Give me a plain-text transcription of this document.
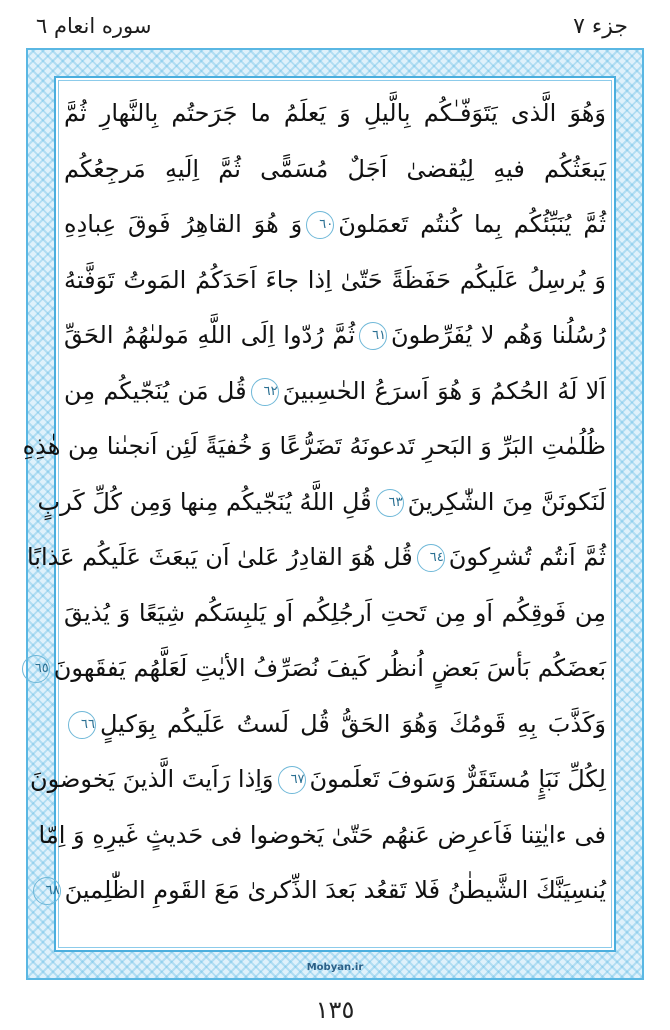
جزء ٧
سوره انعام ٦
وَهُوَ الَّذى يَتَوَفّـٰكُم بِالَّيلِ وَ يَعلَمُ ما جَرَحتُم بِالنَّهارِ ثُمَّ
يَبعَثُكُم فيهِ لِيُقضىٰ اَجَلٌ مُسَمًّى ثُمَّ اِلَيهِ مَرجِعُكُم
ثُمَّ يُنَبِّئُكُم بِما كُنتُم تَعمَلونَ٦٠وَ هُوَ القاهِرُ فَوقَ عِبادِهِ
وَ يُرسِلُ عَلَيكُم حَفَظَةً حَتّىٰ اِذا جاءَ اَحَدَكُمُ المَوتُ تَوَفَّتهُ
رُسُلُنا وَهُم لا يُفَرِّطونَ٦١ثُمَّ رُدّوا اِلَى اللَّهِ مَولىٰهُمُ الحَقِّ
اَلا لَهُ الحُكمُ وَ هُوَ اَسرَعُ الحٰسِبينَ٦٢قُل مَن يُنَجّيكُم مِن
ظُلُمٰتِ البَرِّ وَ البَحرِ تَدعونَهُ تَضَرُّعًا وَ خُفيَةً لَئِن اَنجىٰنا مِن هٰذِهِ
لَنَكونَنَّ مِنَ الشّٰكِرينَ٦٣قُلِ اللَّهُ يُنَجّيكُم مِنها وَمِن كُلِّ كَربٍ
ثُمَّ اَنتُم تُشرِكونَ٦٤قُل هُوَ القادِرُ عَلىٰ اَن يَبعَثَ عَلَيكُم عَذابًا
مِن فَوقِكُم اَو مِن تَحتِ اَرجُلِكُم اَو يَلبِسَكُم شِيَعًا وَ يُذيقَ
بَعضَكُم بَأسَ بَعضٍ اُنظُر كَيفَ نُصَرِّفُ الأيٰتِ لَعَلَّهُم يَفقَهونَ٦٥
وَكَذَّبَ بِهِ قَومُكَ وَهُوَ الحَقُّ قُل لَستُ عَلَيكُم بِوَكيلٍ٦٦
لِكُلِّ نَبَإٍ مُستَقَرٌّ وَسَوفَ تَعلَمونَ٦٧وَاِذا رَاَيتَ الَّذينَ يَخوضونَ
فى ءايٰتِنا فَاَعرِض عَنهُم حَتّىٰ يَخوضوا فى حَديثٍ غَيرِهِ وَ اِمّا
يُنسِيَنَّكَ الشَّيطٰنُ فَلا تَقعُد بَعدَ الذِّكرىٰ مَعَ القَومِ الظّٰلِمينَ٦٨
Mobyan.ir
١٣٥
